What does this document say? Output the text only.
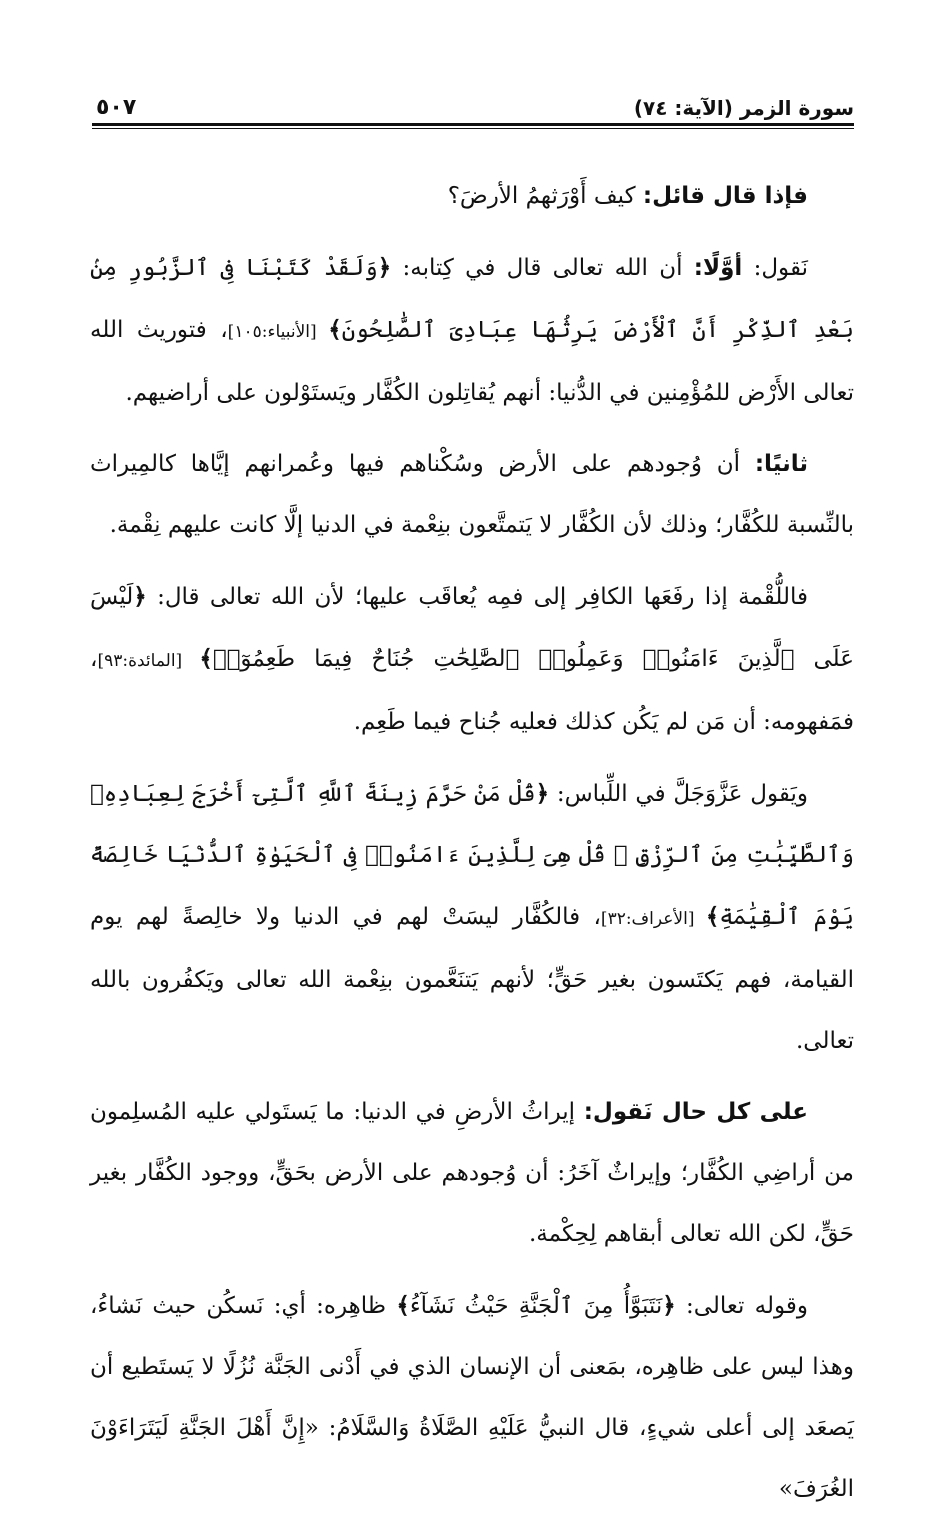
سورة الزمر (الآية: ٧٤)
٥٠٧

فإذا قال قائل: كيف أَوْرَثهمُ الأرضَ؟

نَقول: أوَّلًا: أن الله تعالى قال في كِتابه: ﴿وَلَقَدْ كَتَبْنَا فِى ٱلزَّبُورِ مِنۢ بَعْدِ ٱلذِّكْرِ أَنَّ ٱلْأَرْضَ يَرِثُهَا عِبَادِىَ ٱلصَّٰلِحُونَ﴾ [الأنبياء:١٠٥]، فتوريث الله تعالى الأَرْض للمُؤْمِنين في الدُّنيا: أنهم يُقاتِلون الكُفَّار ويَستَوْلون على أراضيهم.

ثانيًا: أن وُجودهم على الأرض وسُكْناهم فيها وعُمرانهم إيَّاها كالمِيراث بالنِّسبة للكُفَّار؛ وذلك لأن الكُفَّار لا يَتمتَّعون بنِعْمة في الدنيا إلَّا كانت عليهم نِقْمة.

فاللُّقْمة إذا رفَعَها الكافِر إلى فمِه يُعاقَب عليها؛ لأن الله تعالى قال: ﴿لَيْسَ عَلَى ٱلَّذِينَ ءَامَنُوا۟ وَعَمِلُوا۟ ٱلصَّٰلِحَٰتِ جُنَاحٌ فِيمَا طَعِمُوٓا۟﴾ [المائدة:٩٣]، فمَفهومه: أن مَن لم يَكُن كذلك فعليه جُناح فيما طَعِم.

ويَقول عَزَّوَجَلَّ في اللِّباس: ﴿قُلْ مَنْ حَرَّمَ زِينَةَ ٱللَّهِ ٱلَّتِىٓ أَخْرَجَ لِعِبَادِهِۦ وَٱلطَّيِّبَٰتِ مِنَ ٱلرِّزْقِ ۚ قُلْ هِىَ لِلَّذِينَ ءَامَنُوا۟ فِى ٱلْحَيَوٰةِ ٱلدُّنْيَا خَالِصَةً يَوْمَ ٱلْقِيَٰمَةِ﴾ [الأعراف:٣٢]، فالكُفَّار ليسَتْ لهم في الدنيا ولا خالِصةً لهم يوم القيامة، فهم يَكتَسون بغير حَقٍّ؛ لأنهم يَتنَعَّمون بنِعْمة الله تعالى ويَكفُرون بالله تعالى.

على كل حال نَقول: إيراثُ الأرضِ في الدنيا: ما يَستَولي عليه المُسلِمون من أراضِي الكُفَّار؛ وإيراثٌ آخَرُ: أن وُجودهم على الأرض بحَقٍّ، ووجود الكُفَّار بغير حَقٍّ، لكن الله تعالى أبقاهم لِحِكْمة.

وقوله تعالى: ﴿نَتَبَوَّأُ مِنَ ٱلْجَنَّةِ حَيْثُ نَشَآءُ﴾ ظاهِره: أي: نَسكُن حيث نَشاءُ، وهذا ليس على ظاهِره، بمَعنى أن الإنسان الذي في أَدْنى الجَنَّة نُزُلًا لا يَستَطيع أن يَصعَد إلى أعلى شيءٍ، قال النبيُّ عَلَيْهِ الصَّلَاةُ وَالسَّلَامُ: «إِنَّ أَهْلَ الجَنَّةِ لَيَتَرَاءَوْنَ الغُرَفَ»
